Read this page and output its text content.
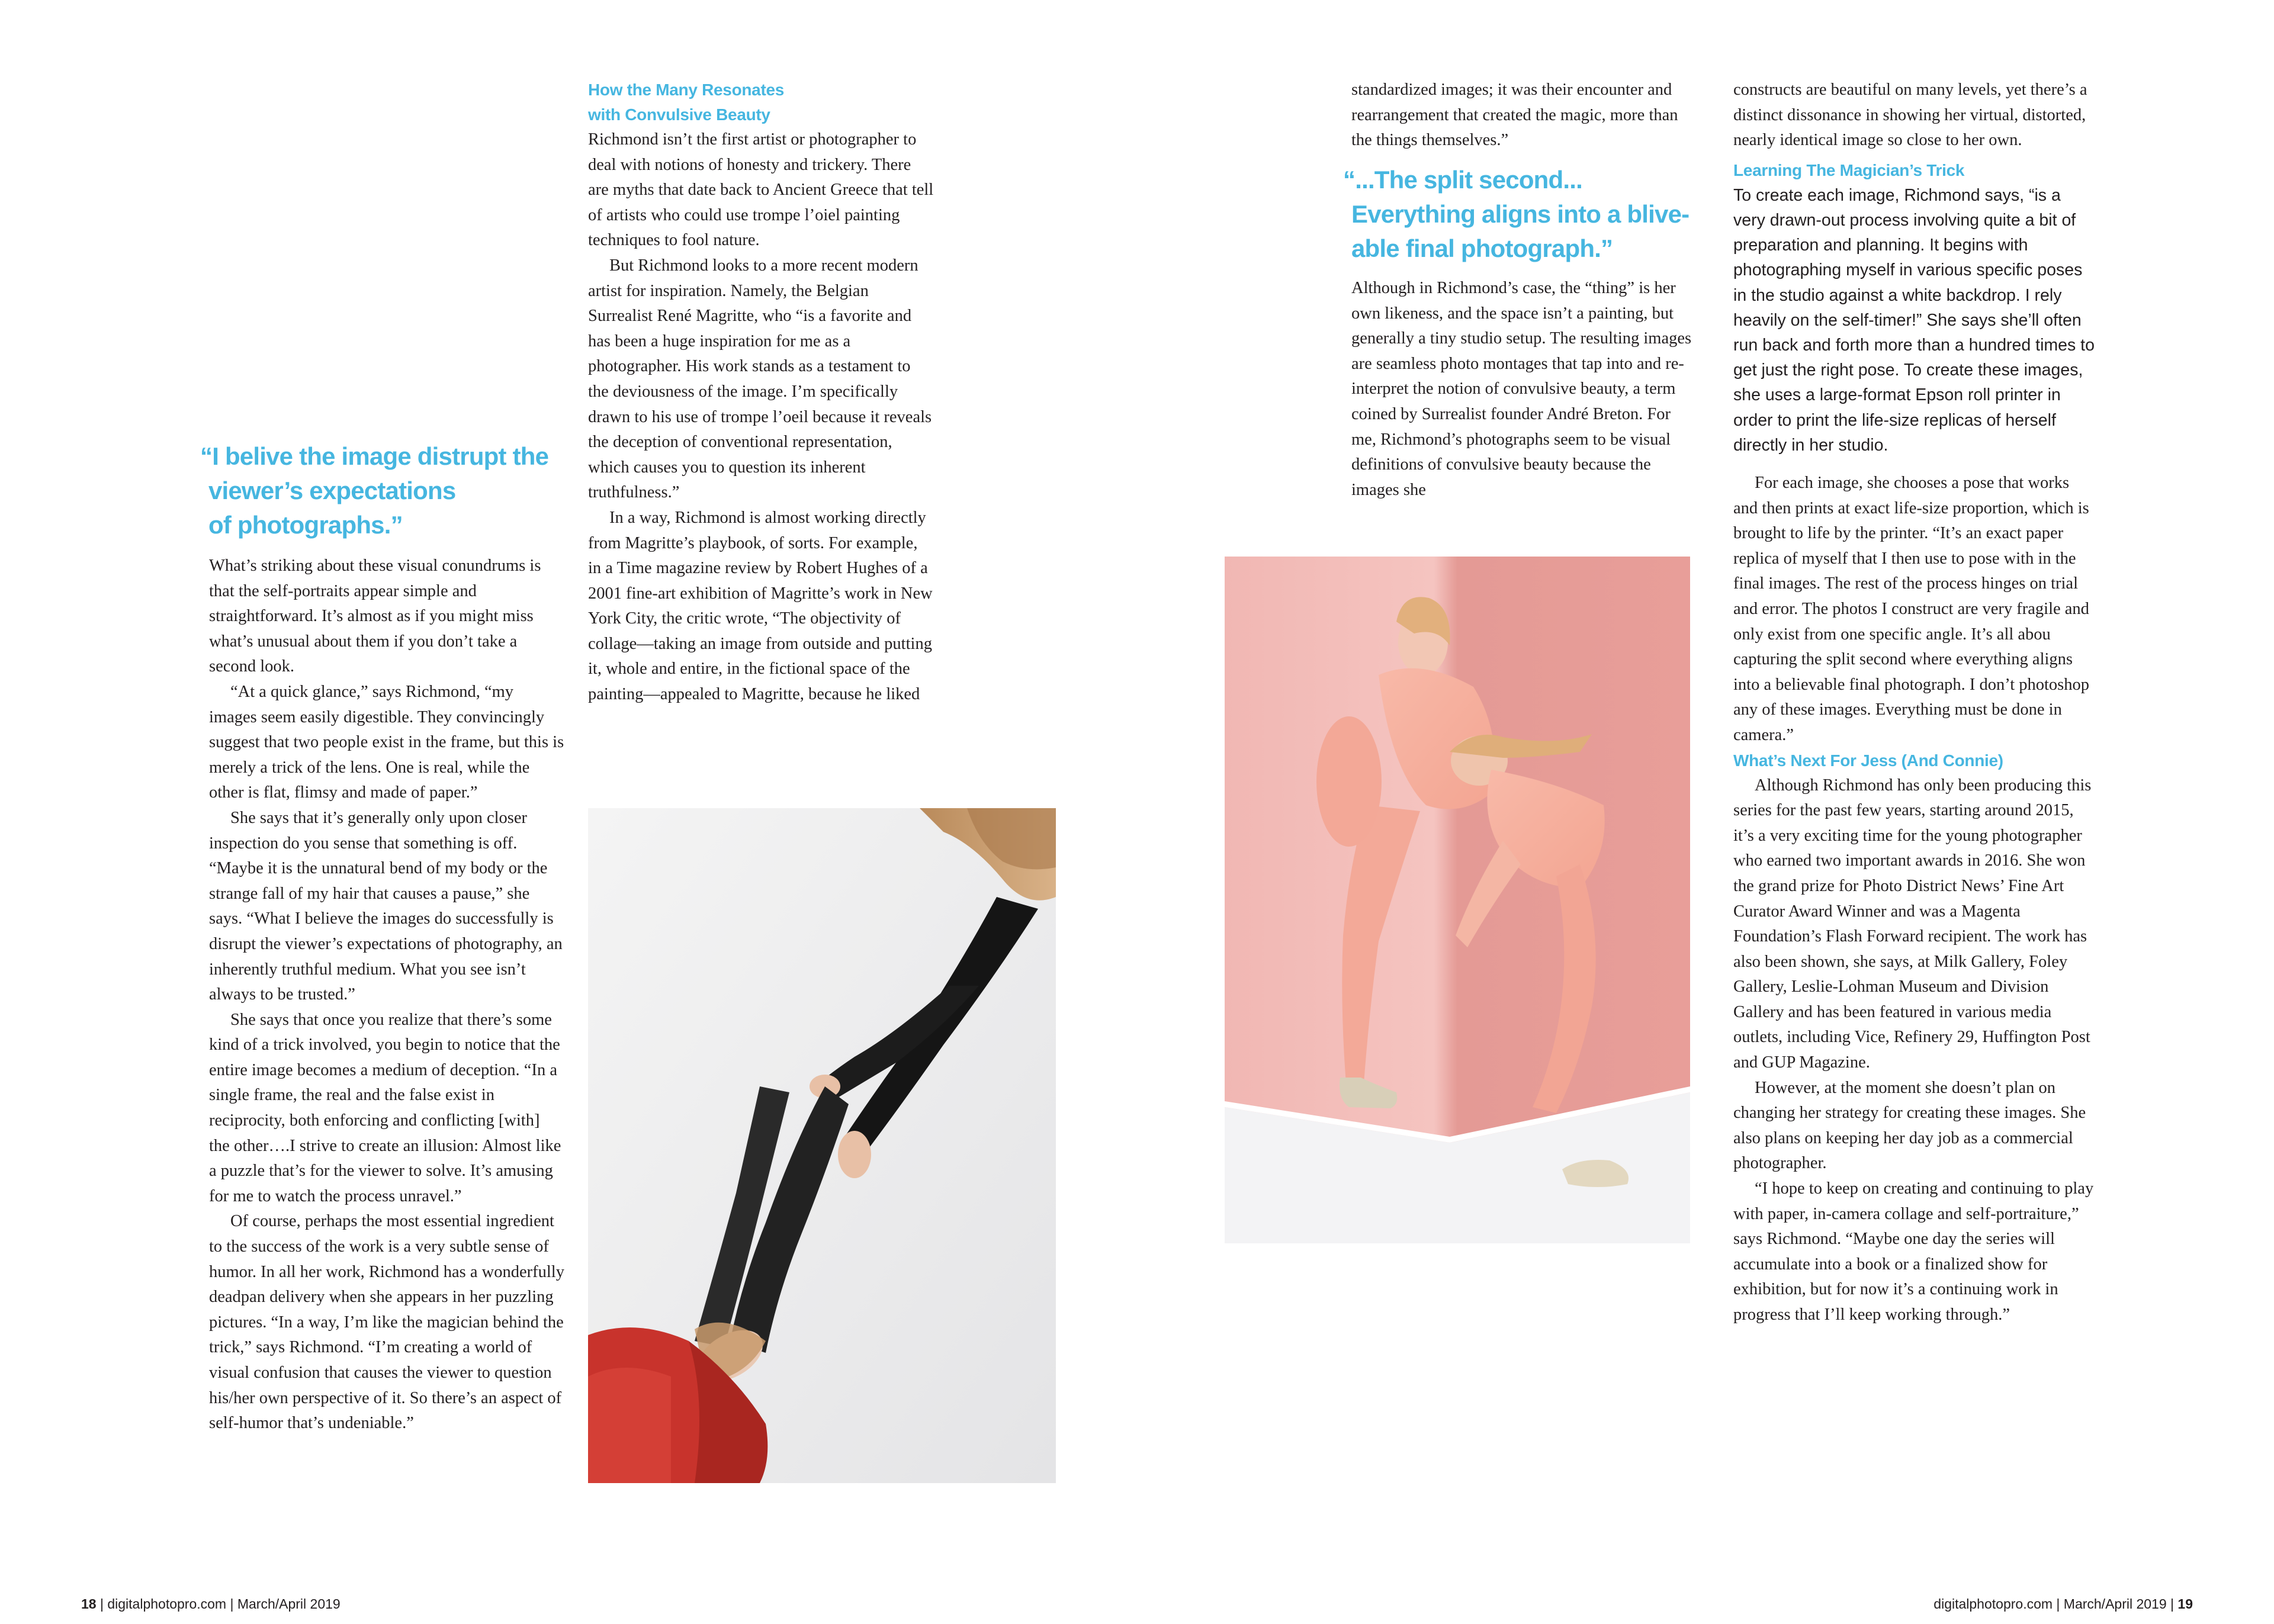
“I belive the image distrupt the
viewer’s expectations
of photographs.”

What’s striking about these visual conundrums is that the self-portraits appear simple and straightforward. It’s almost as if you might miss what’s unusual about them if you don’t take a second look.

“At a quick glance,” says Richmond, “my images seem easily digestible. They convincingly suggest that two people exist in the frame, but this is merely a trick of the lens. One is real, while the other is flat, flimsy and made of paper.”

She says that it’s generally only upon closer inspection do you sense that something is off. “Maybe it is the unnatural bend of my body or the strange fall of my hair that causes a pause,” she says. “What I believe the images do successfully is disrupt the viewer’s expectations of photography, an inherently truthful medium. What you see isn’t always to be trusted.”

She says that once you realize that there’s some kind of a trick involved, you begin to notice that the entire image becomes a medium of deception. “In a single frame, the real and the false exist in reciprocity, both enforcing and conflicting [with] the other….I strive to create an illusion: Almost like a puzzle that’s for the viewer to solve. It’s amusing for me to watch the process unravel.”

Of course, perhaps the most essential ingredient to the success of the work is a very subtle sense of humor. In all her work, Richmond has a wonderfully deadpan delivery when she appears in her puzzling pictures. “In a way, I’m like the magician behind the trick,” says Richmond. “I’m creating a world of visual confusion that causes the viewer to question his/her own perspective of it. So there’s an aspect of self-humor that’s undeniable.”

How the Many Resonates
with Convulsive Beauty

Richmond isn’t the first artist or photographer to deal with notions of honesty and trickery. There are myths that date back to Ancient Greece that tell of artists who could use trompe l’oiel painting techniques to fool nature.

But Richmond looks to a more recent modern artist for inspiration. Namely, the Belgian Surrealist René Magritte, who “is a favorite and has been a huge inspiration for me as a photographer. His work stands as a testament to the deviousness of the image. I’m specifically drawn to his use of trompe l’oeil because it reveals the deception of conventional representation, which causes you to question its inherent truthfulness.”

In a way, Richmond is almost working directly from Magritte’s playbook, of sorts. For example, in a Time magazine review by Robert Hughes of a 2001 fine-art exhibition of Magritte’s work in New York City, the critic wrote, “The objectivity of collage—taking an image from outside and putting it, whole and entire, in the fictional space of the painting—appealed to Magritte, because he liked

standardized images; it was their encounter and rearrangement that created the magic, more than the things themselves.”

“...The split second...
Everything aligns into a blive-
able final photograph.”

Although in Richmond’s case, the “thing” is her own likeness, and the space isn’t a painting, but generally a tiny studio setup. The resulting images are seamless photo montages that tap into and re-interpret the notion of convulsive beauty, a term coined by Surrealist founder André Breton. For me, Richmond’s photographs seem to be visual definitions of convulsive beauty because the images she

constructs are beautiful on many levels, yet there’s a distinct dissonance in showing her virtual, distorted, nearly identical image so close to her own.

Learning The Magician’s Trick

To create each image, Richmond says, “is a very drawn-out process involving quite a bit of preparation and planning. It begins with photographing myself in various specific poses in the studio against a white backdrop. I rely heavily on the self-timer!” She says she’ll often run back and forth more than a hundred times to get just the right pose. To create these images, she uses a large-format Epson roll printer in order to print the life-size replicas of herself directly in her studio.

For each image, she chooses a pose that works and then prints at exact life-size proportion, which is brought to life by the printer. “It’s an exact paper replica of myself that I then use to pose with in the final images. The rest of the process hinges on trial and error. The photos I construct are very fragile and only exist from one specific angle. It’s all abou capturing the split second where everything aligns into a believable final photograph. I don’t photoshop any of these images. Everything must be done in camera.”

What’s Next For Jess (And Connie)

Although Richmond has only been producing this series for the past few years, starting around 2015, it’s a very exciting time for the young photographer who earned two important awards in 2016. She won the grand prize for Photo District News’ Fine Art Curator Award Winner and was a Magenta Foundation’s Flash Forward recipient. The work has also been shown, she says, at Milk Gallery, Foley Gallery, Leslie-Lohman Museum and Division Gallery and has been featured in various media outlets, including Vice, Refinery 29, Huffington Post and GUP Magazine.

However, at the moment she doesn’t plan on changing her strategy for creating these images. She also plans on keeping her day job as a commercial photographer.

“I hope to keep on creating and continuing to play with paper, in-camera collage and self-portraiture,” says Richmond. “Maybe one day the series will accumulate into a book or a finalized show for exhibition, but for now it’s a continuing work in progress that I’ll keep working through.”

18 | digitalphotopro.com | March/April 2019	digitalphotopro.com | March/April 2019 | 19
